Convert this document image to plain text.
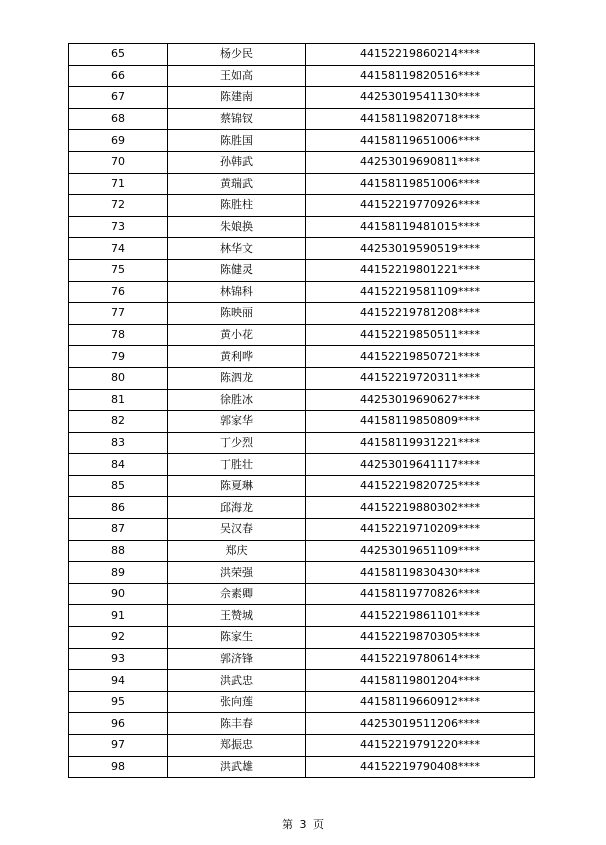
65	杨少民	44152219860214****
66	王如高	44158119820516****
67	陈建南	44253019541130****
68	蔡锦钗	44158119820718****
69	陈胜国	44158119651006****
70	孙韩武	44253019690811****
71	黄瑞武	44158119851006****
72	陈胜柱	44152219770926****
73	朱娘换	44158119481015****
74	林华文	44253019590519****
75	陈健灵	44152219801221****
76	林锦科	44152219581109****
77	陈映丽	44152219781208****
78	黄小花	44152219850511****
79	黄利哗	44152219850721****
80	陈泗龙	44152219720311****
81	徐胜冰	44253019690627****
82	郭家华	44158119850809****
83	丁少烈	44158119931221****
84	丁胜壮	44253019641117****
85	陈夏琳	44152219820725****
86	邱海龙	44152219880302****
87	吴汉春	44152219710209****
88	郑庆	44253019651109****
89	洪荣强	44158119830430****
90	佘素卿	44158119770826****
91	王赞城	44152219861101****
92	陈家生	44152219870305****
93	郭济锋	44152219780614****
94	洪武忠	44158119801204****
95	张向莲	44158119660912****
96	陈丰春	44253019511206****
97	郑振忠	44152219791220****
98	洪武雄	44152219790408****
第 3 页
